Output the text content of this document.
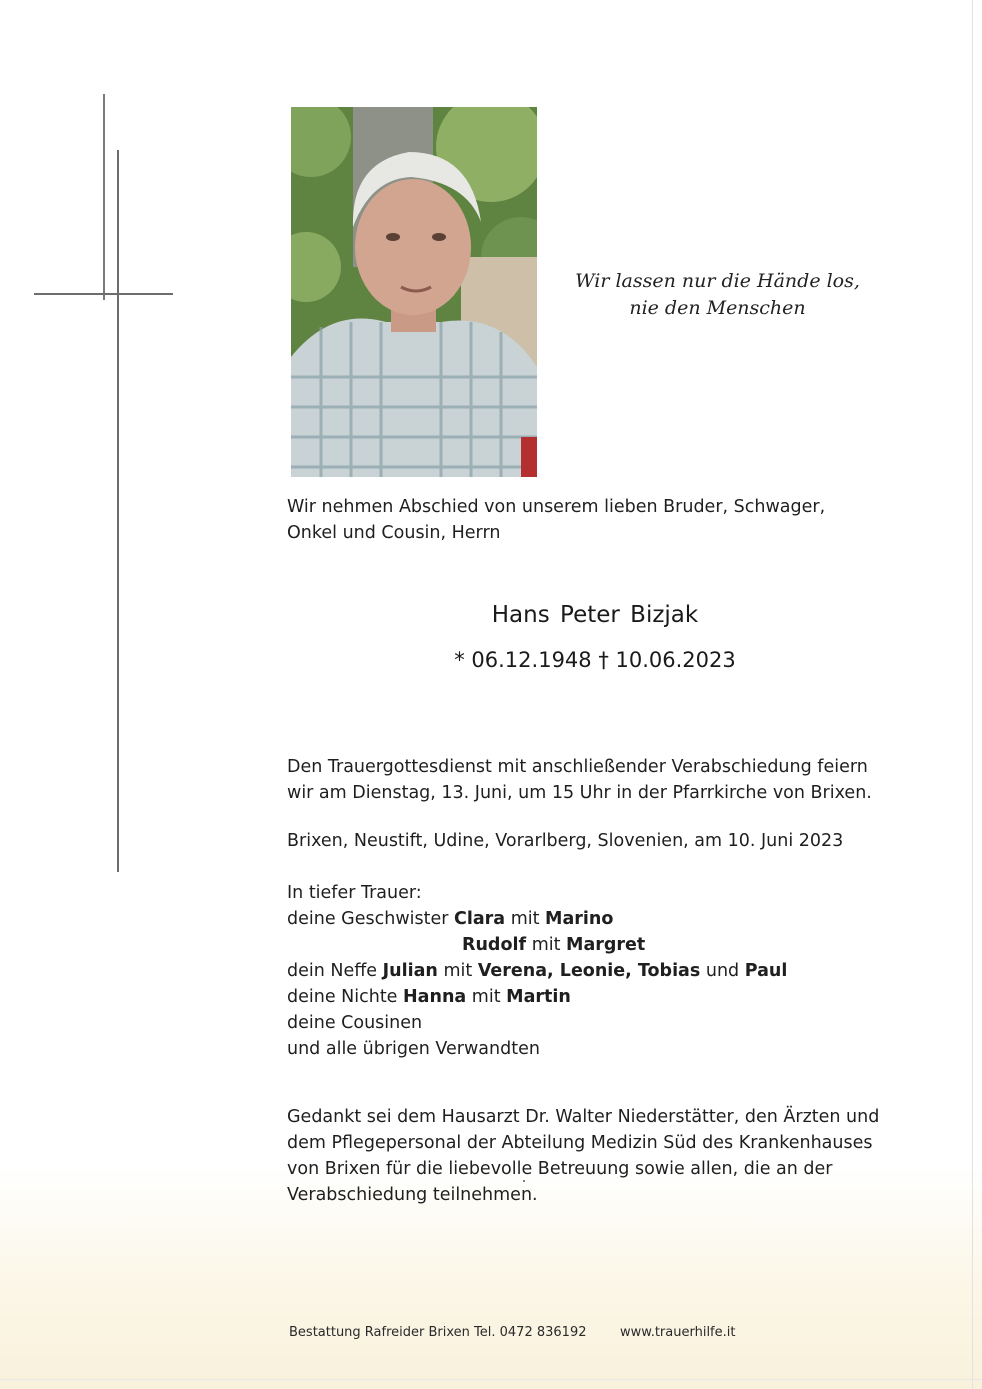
Wir lassen nur die Hände los,
nie den Menschen
Wir nehmen Abschied von unserem lieben Bruder, Schwager,
Onkel und Cousin, Herrn
Hans Peter Bizjak
* 06.12.1948 † 10.06.2023
Den Trauergottesdienst mit anschließender Verabschiedung feiern
wir am Dienstag, 13. Juni, um 15 Uhr in der Pfarrkirche von Brixen.
Brixen, Neustift, Udine, Vorarlberg, Slovenien, am 10. Juni 2023
In tiefer Trauer:
deine Geschwister Clara mit Marino
Rudolf mit Margret
dein Neffe Julian mit Verena, Leonie, Tobias und Paul
deine Nichte Hanna mit Martin
deine Cousinen
und alle übrigen Verwandten
Gedankt sei dem Hausarzt Dr. Walter Niederstätter, den Ärzten und
dem Pflegepersonal der Abteilung Medizin Süd des Krankenhauses
von Brixen für die liebevolle Betreuung sowie allen, die an der
Verabschiedung teilnehmen.
Bestattung Rafreider Brixen Tel. 0472 836192	www.trauerhilfe.it
